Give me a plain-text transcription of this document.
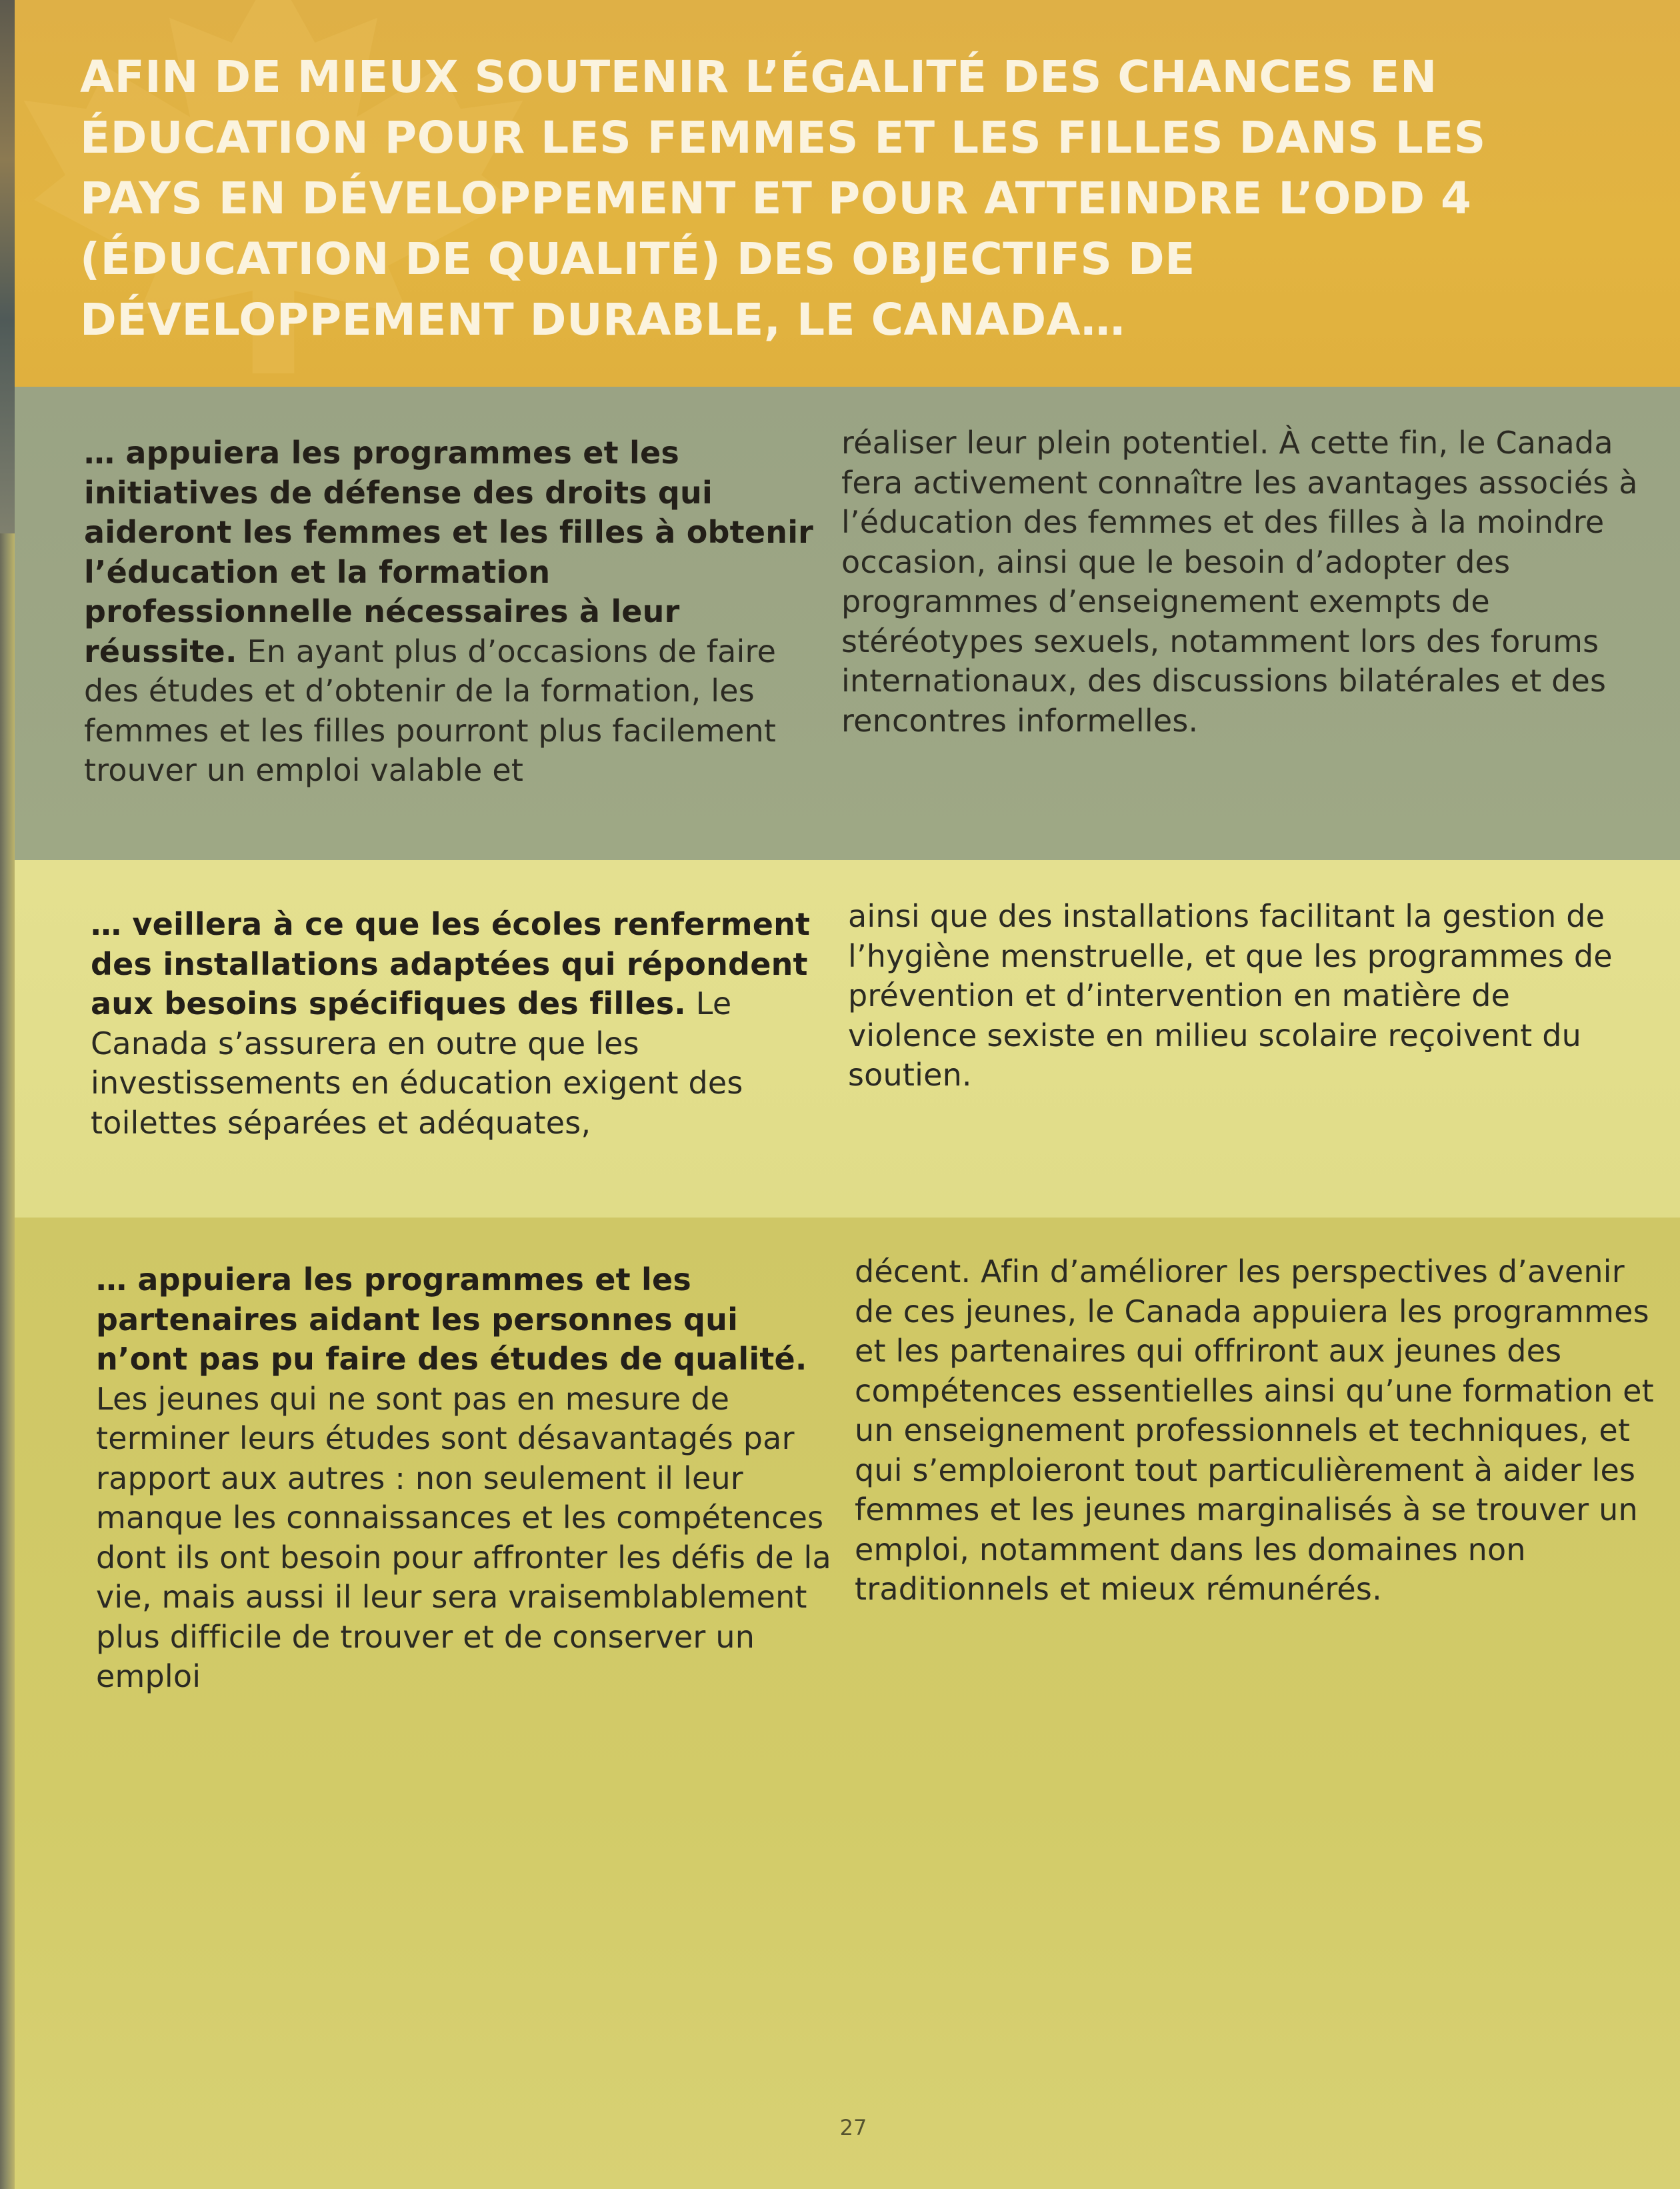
AFIN DE MIEUX SOUTENIR L’ÉGALITÉ DES CHANCES EN ÉDUCATION POUR LES FEMMES ET LES FILLES DANS LES PAYS EN DÉVELOPPEMENT ET POUR ATTEINDRE L’ODD 4 (ÉDUCATION DE QUALITÉ) DES OBJECTIFS DE DÉVELOPPEMENT DURABLE, LE CANADA…

… appuiera les programmes et les initiatives de défense des droits qui aideront les femmes et les filles à obtenir l’éducation et la formation professionnelle nécessaires à leur réussite. En ayant plus d’occasions de faire des études et d’obtenir de la formation, les femmes et les filles pourront plus facilement trouver un emploi valable et

réaliser leur plein potentiel. À cette fin, le Canada fera activement connaître les avantages associés à l’éducation des femmes et des filles à la moindre occasion, ainsi que le besoin d’adopter des programmes d’enseignement exempts de stéréotypes sexuels, notamment lors des forums internationaux, des discussions bilatérales et des rencontres informelles.

… veillera à ce que les écoles renferment des installations adaptées qui répondent aux besoins spécifiques des filles. Le Canada s’assurera en outre que les investissements en éducation exigent des toilettes séparées et adéquates,

ainsi que des installations facilitant la gestion de l’hygiène menstruelle, et que les programmes de prévention et d’intervention en matière de violence sexiste en milieu scolaire reçoivent du soutien.

… appuiera les programmes et les partenaires aidant les personnes qui n’ont pas pu faire des études de qualité. Les jeunes qui ne sont pas en mesure de terminer leurs études sont désavantagés par rapport aux autres : non seulement il leur manque les connaissances et les compétences dont ils ont besoin pour affronter les défis de la vie, mais aussi il leur sera vraisemblablement plus difficile de trouver et de conserver un emploi

décent. Afin d’améliorer les perspectives d’avenir de ces jeunes, le Canada appuiera les programmes et les partenaires qui offriront aux jeunes des compétences essentielles ainsi qu’une formation et un enseignement professionnels et techniques, et qui s’emploieront tout particulièrement à aider les femmes et les jeunes marginalisés à se trouver un emploi, notamment dans les domaines non traditionnels et mieux rémunérés.

27
